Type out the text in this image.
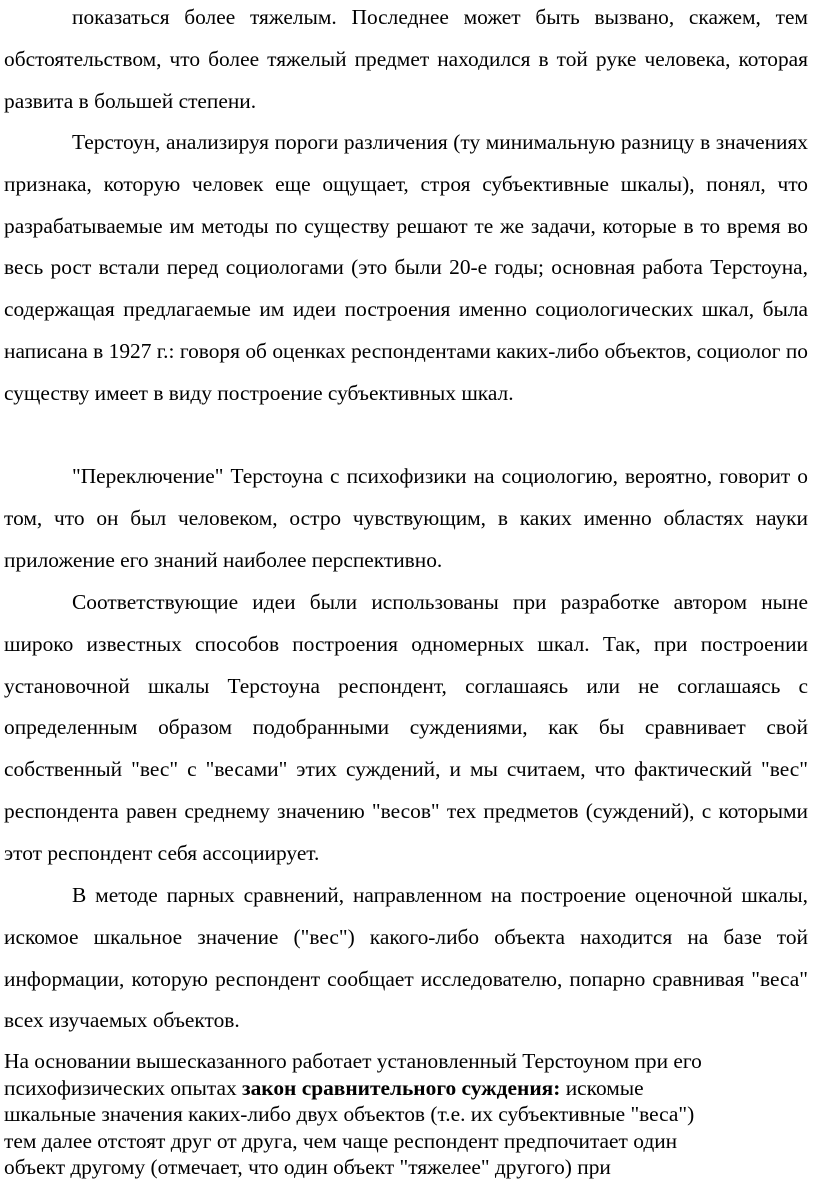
показаться более тяжелым. Последнее может быть вызвано, скажем, тем обстоятельством, что более тяжелый предмет находился в той руке человека, которая развита в большей степени.

Терстоун, анализируя пороги различения (ту минимальную разницу в значениях признака, которую человек еще ощущает, строя субъективные шкалы), понял, что разрабатываемые им методы по существу решают те же задачи, которые в то время во весь рост встали перед социологами (это были 20-е годы; основная работа Терстоуна, содержащая предлагаемые им идеи построения именно социологических шкал, была написана в 1927 г.: говоря об оценках респондентами каких-либо объектов, социолог по существу имеет в виду построение субъективных шкал.

"Переключение" Терстоуна с психофизики на социологию, вероятно, говорит о том, что он был человеком, остро чувствующим, в каких именно областях науки приложение его знаний наиболее перспективно.

Соответствующие идеи были использованы при разработке автором ныне широко известных способов построения одномерных шкал. Так, при построении установочной шкалы Терстоуна респондент, соглашаясь или не соглашаясь с определенным образом подобранными суждениями, как бы сравнивает свой собственный "вес" с "весами" этих суждений, и мы считаем, что фактический "вес" респондента равен среднему значению "весов" тех предметов (суждений), с которыми этот респондент себя ассоциирует.

В методе парных сравнений, направленном на построение оценочной шкалы, искомое шкальное значение ("вес") какого-либо объекта находится на базе той информации, которую респондент сообщает исследователю, попарно сравнивая "веса" всех изучаемых объектов.

На основании вышесказанного работает установленный Терстоуном при его
психофизических опытах закон сравнительного суждения: искомые
шкальные значения каких-либо двух объектов (т.е. их субъективные "веса")
тем далее отстоят друг от друга, чем чаще респондент предпочитает один
объект другому (отмечает, что один объект "тяжелее" другого) при
